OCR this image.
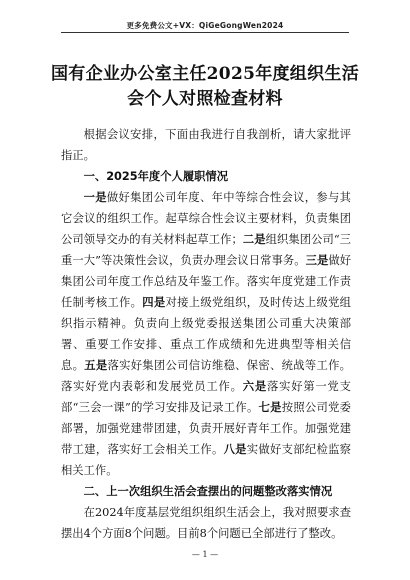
更多免费公文+VX：QiGeGongWen2024
国有企业办公室主任2025年度组织生活
会个人对照检查材料

根据会议安排，下面由我进行自我剖析，请大家批评指正。

一、2025年度个人履职情况

一是做好集团公司年度、年中等综合性会议，参与其它会议的组织工作。起草综合性会议主要材料，负责集团公司领导交办的有关材料起草工作；二是组织集团公司“三重一大”等决策性会议，负责办理会议日常事务。三是做好集团公司年度工作总结及年鉴工作。落实年度党建工作责任制考核工作。四是对接上级党组织，及时传达上级党组织指示精神。负责向上级党委报送集团公司重大决策部署、重要工作安排、重点工作成绩和先进典型等相关信息。五是落实好集团公司信访维稳、保密、统战等工作。落实好党内表彰和发展党员工作。六是落实好第一党支部“三会一课”的学习安排及记录工作。七是按照公司党委部署，加强党建带团建，负责开展好青年工作。加强党建带工建，落实好工会相关工作。八是实做好支部纪检监察相关工作。

二、上一次组织生活会查摆出的问题整改落实情况

在2024年度基层党组织组织生活会上，我对照要求查摆出4个方面8个问题。目前8个问题已全部进行了整改。

— 1 —
